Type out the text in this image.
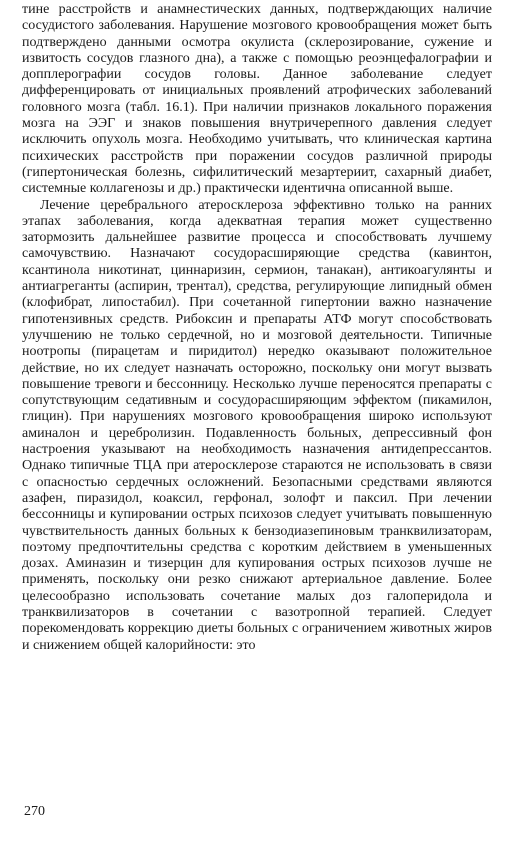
тине расстройств и анамнестических данных, подтверждающих наличие сосудистого заболевания. Нарушение мозгового кровообращения может быть подтверждено данными осмотра окулиста (склерозирование, сужение и извитость сосудов глазного дна), а также с помощью реоэнцефалографии и допплерографии сосудов головы. Данное заболевание следует дифференцировать от инициальных проявлений атрофических заболеваний головного мозга (табл. 16.1). При наличии признаков локального поражения мозга на ЭЭГ и знаков повышения внутричерепного давления следует исключить опухоль мозга. Необходимо учитывать, что клиническая картина психических расстройств при поражении сосудов различной природы (гипертоническая болезнь, сифилитический мезартериит, сахарный диабет, системные коллагенозы и др.) практически идентична описанной выше.

Лечение церебрального атеросклероза эффективно только на ранних этапах заболевания, когда адекватная терапия может существенно затормозить дальнейшее развитие процесса и способствовать лучшему самочувствию. Назначают сосудорасширяющие средства (кавинтон, ксантинола никотинат, циннаризин, сермион, танакан), антикоагулянты и антиагреганты (аспирин, трентал), средства, регулирующие липидный обмен (клофибрат, липостабил). При сочетанной гипертонии важно назначение гипотензивных средств. Рибоксин и препараты АТФ могут способствовать улучшению не только сердечной, но и мозговой деятельности. Типичные ноотропы (пирацетам и пиридитол) нередко оказывают положительное действие, но их следует назначать осторожно, поскольку они могут вызвать повышение тревоги и бессонницу. Несколько лучше переносятся препараты с сопутствующим седативным и сосудорасширяющим эффектом (пикамилон, глицин). При нарушениях мозгового кровообращения широко используют аминалон и церебролизин. Подавленность больных, депрессивный фон настроения указывают на необходимость назначения антидепрессантов. Однако типичные ТЦА при атеросклерозе стараются не использовать в связи с опасностью сердечных осложнений. Безопасными средствами являются азафен, пиразидол, коаксил, герфонал, золофт и паксил. При лечении бессонницы и купировании острых психозов следует учитывать повышенную чувствительность данных больных к бензодиазепиновым транквилизаторам, поэтому предпочтительны средства с коротким действием в уменьшенных дозах. Аминазин и тизерцин для купирования острых психозов лучше не применять, поскольку они резко снижают артериальное давление. Более целесообразно использовать сочетание малых доз галоперидола и транквилизаторов в сочетании с вазотропной терапией. Следует порекомендовать коррекцию диеты больных с ограничением животных жиров и снижением общей калорийности: это

270
